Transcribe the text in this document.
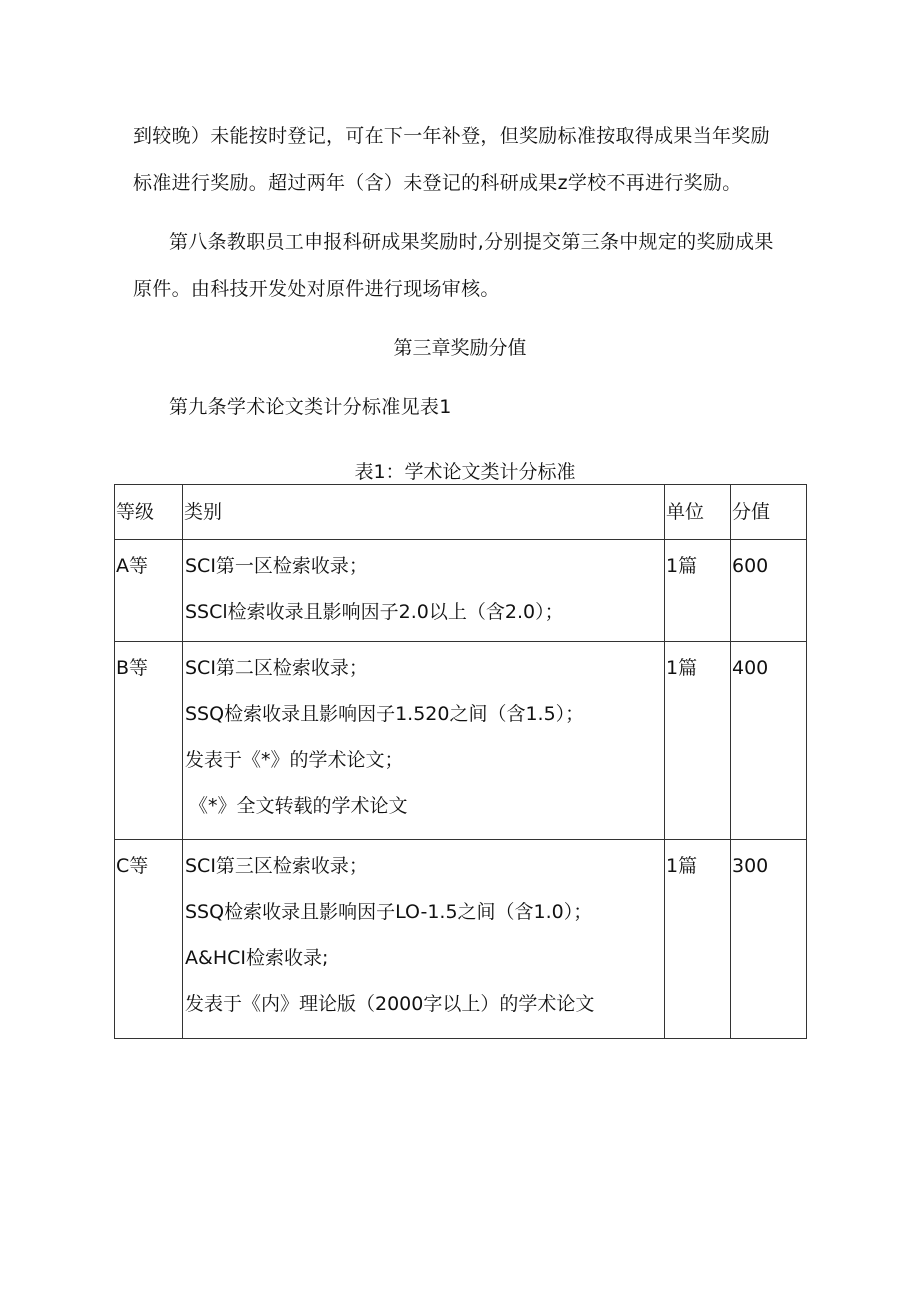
到较晚）未能按时登记，可在下一年补登，但奖励标准按取得成果当年奖励
标准进行奖励。超过两年（含）未登记的科研成果z学校不再进行奖励。
第八条教职员工申报科研成果奖励时,分别提交第三条中规定的奖励成果
原件。由科技开发处对原件进行现场审核。
第三章奖励分值
第九条学术论文类计分标准见表1
表1：学术论文类计分标准
等级	类别	单位	分值

A等	SCI第一区检索收录；
SSCl检索收录且影响因子2.0以上（含2.0）；	1篇	600

B等	SCI第二区检索收录；
SSQ检索收录且影响因子1.520之间（含1.5）；
发表于《*》的学术论文；
《*》全文转载的学术论文	1篇	400

C等	SCI第三区检索收录；
SSQ检索收录且影响因子LO-1.5之间（含1.0）；
A&HCI检索收录;
发表于《内》理论版（2000字以上）的学术论文	1篇	300
